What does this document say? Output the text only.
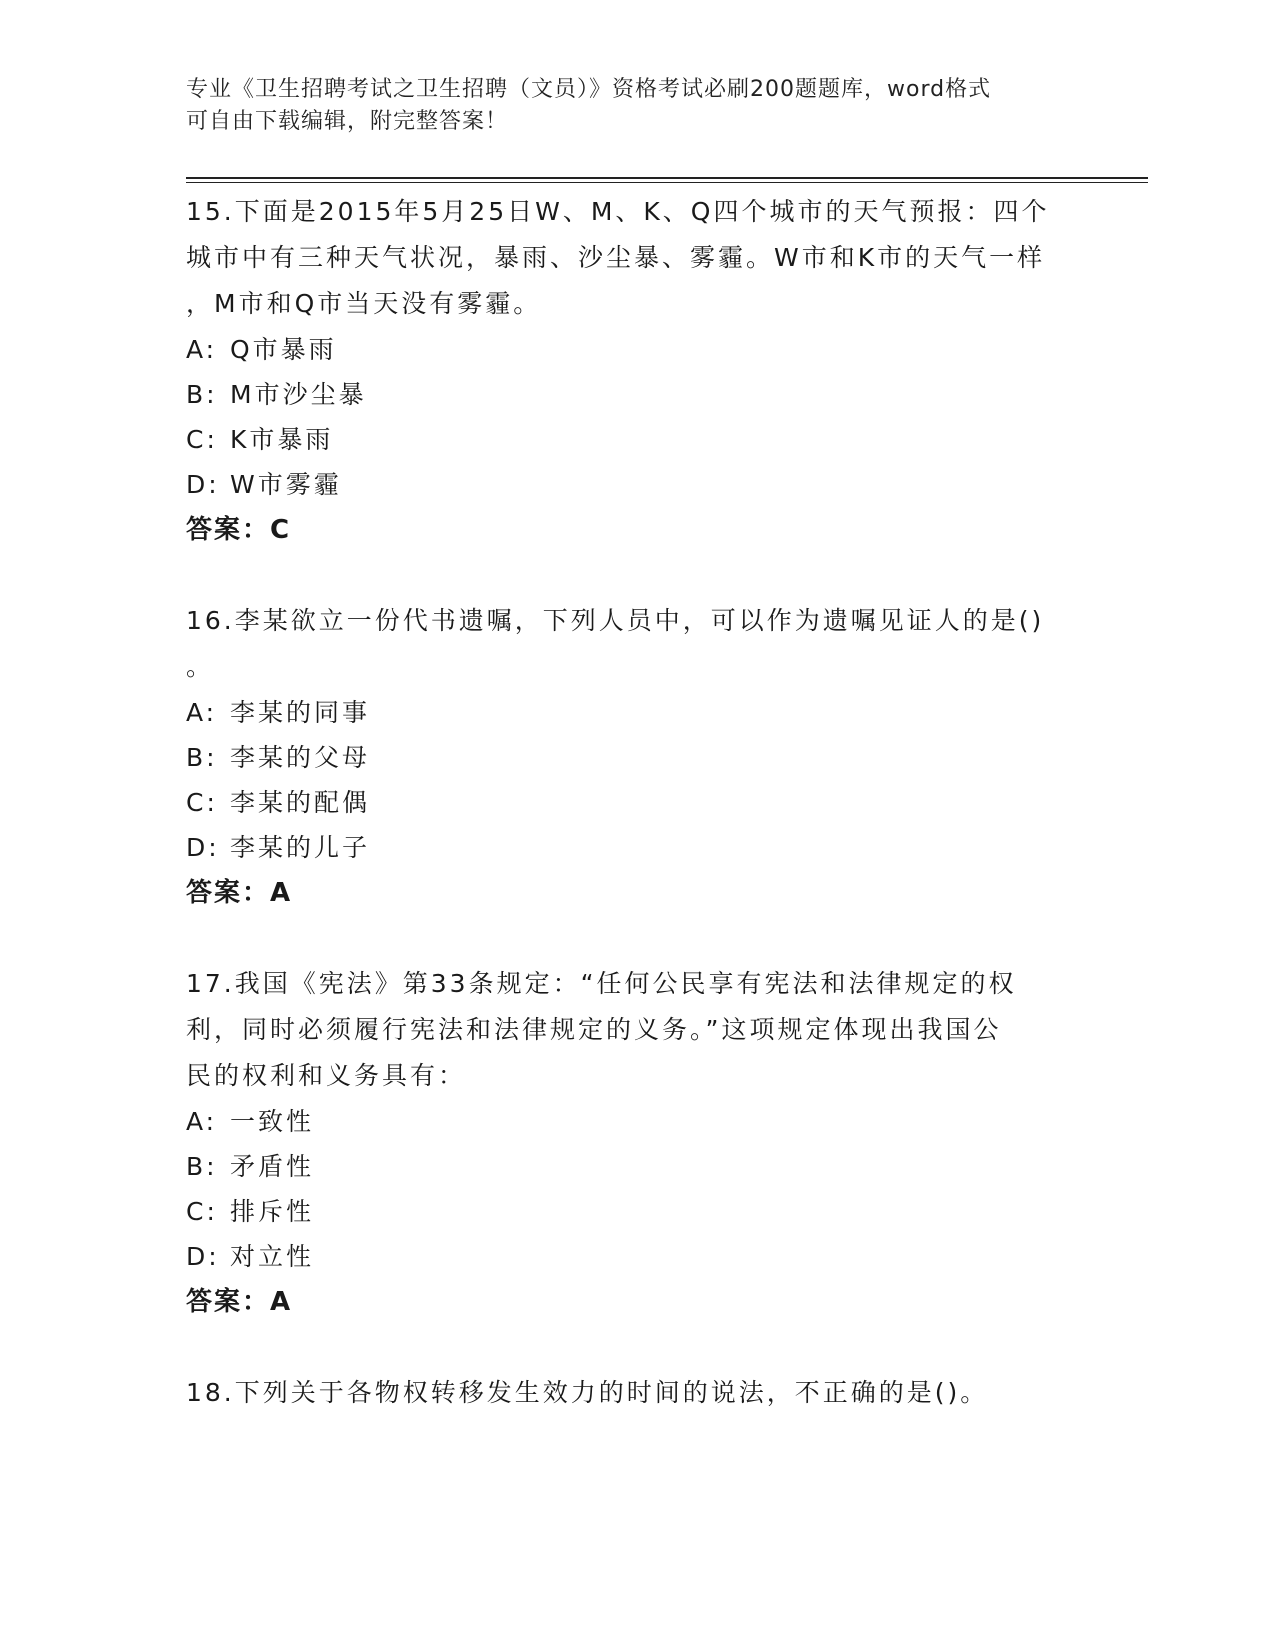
专业《卫生招聘考试之卫生招聘（文员）》资格考试必刷200题题库，word格式
可自由下载编辑，附完整答案！
15.下面是2015年5月25日W、M、K、Q四个城市的天气预报：四个
城市中有三种天气状况，暴雨、沙尘暴、雾霾。W市和K市的天气一样
，M市和Q市当天没有雾霾。
A: Q市暴雨
B: M市沙尘暴
C: K市暴雨
D: W市雾霾
答案：C
16.李某欲立一份代书遗嘱，下列人员中，可以作为遗嘱见证人的是()
。
A: 李某的同事
B: 李某的父母
C: 李某的配偶
D: 李某的儿子
答案：A
17.我国《宪法》第33条规定：“任何公民享有宪法和法律规定的权
利，同时必须履行宪法和法律规定的义务。”这项规定体现出我国公
民的权利和义务具有：
A: 一致性
B: 矛盾性
C: 排斥性
D: 对立性
答案：A
18.下列关于各物权转移发生效力的时间的说法，不正确的是()。
